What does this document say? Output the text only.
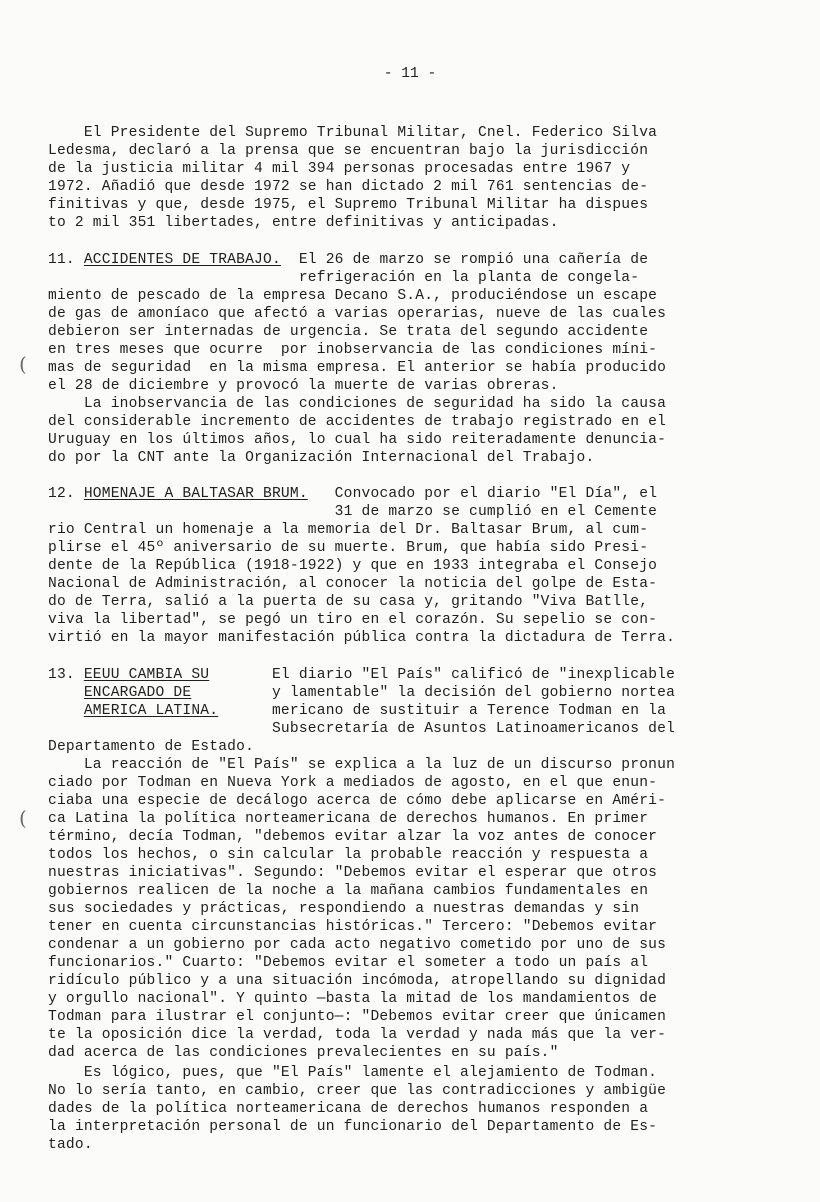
- 11 -
(
(
El Presidente del Supremo Tribunal Militar, Cnel. Federico Silva
Ledesma, declaró a la prensa que se encuentran bajo la jurisdicción
de la justicia militar 4 mil 394 personas procesadas entre 1967 y
1972. Añadió que desde 1972 se han dictado 2 mil 761 sentencias de-
finitivas y que, desde 1975, el Supremo Tribunal Militar ha dispues
to 2 mil 351 libertades, entre definitivas y anticipadas.
11. ACCIDENTES DE TRABAJO.  El 26 de marzo se rompió una cañería de
refrigeración en la planta de congela-
miento de pescado de la empresa Decano S.A., produciéndose un escape
de gas de amoníaco que afectó a varias operarias, nueve de las cuales
debieron ser internadas de urgencia. Se trata del segundo accidente
en tres meses que ocurre  por inobservancia de las condiciones míni-
mas de seguridad  en la misma empresa. El anterior se había producido
el 28 de diciembre y provocó la muerte de varias obreras.
La inobservancia de las condiciones de seguridad ha sido la causa
del considerable incremento de accidentes de trabajo registrado en el
Uruguay en los últimos años, lo cual ha sido reiteradamente denuncia-
do por la CNT ante la Organización Internacional del Trabajo.
12. HOMENAJE A BALTASAR BRUM.   Convocado por el diario "El Día", el
31 de marzo se cumplió en el Cemente
rio Central un homenaje a la memoria del Dr. Baltasar Brum, al cum-
plirse el 45º aniversario de su muerte. Brum, que había sido Presi-
dente de la República (1918-1922) y que en 1933 integraba el Consejo
Nacional de Administración, al conocer la noticia del golpe de Esta-
do de Terra, salió a la puerta de su casa y, gritando "Viva Batlle,
viva la libertad", se pegó un tiro en el corazón. Su sepelio se con-
virtió en la mayor manifestación pública contra la dictadura de Terra.
13. EEUU CAMBIA SU       El diario "El País" calificó de "inexplicable
ENCARGADO DE         y lamentable" la decisión del gobierno nortea
AMERICA LATINA.      mericano de sustituir a Terence Todman en la
Subsecretaría de Asuntos Latinoamericanos del
Departamento de Estado.
La reacción de "El País" se explica a la luz de un discurso pronun
ciado por Todman en Nueva York a mediados de agosto, en el que enun-
ciaba una especie de decálogo acerca de cómo debe aplicarse en Améri-
ca Latina la política norteamericana de derechos humanos. En primer
término, decía Todman, "debemos evitar alzar la voz antes de conocer
todos los hechos, o sin calcular la probable reacción y respuesta a
nuestras iniciativas". Segundo: "Debemos evitar el esperar que otros
gobiernos realicen de la noche a la mañana cambios fundamentales en
sus sociedades y prácticas, respondiendo a nuestras demandas y sin
tener en cuenta circunstancias históricas." Tercero: "Debemos evitar
condenar a un gobierno por cada acto negativo cometido por uno de sus
funcionarios." Cuarto: "Debemos evitar el someter a todo un país al
ridículo público y a una situación incómoda, atropellando su dignidad
y orgullo nacional". Y quinto —basta la mitad de los mandamientos de
Todman para ilustrar el conjunto—: "Debemos evitar creer que únicamen
te la oposición dice la verdad, toda la verdad y nada más que la ver-
dad acerca de las condiciones prevalecientes en su país."
Es lógico, pues, que "El País" lamente el alejamiento de Todman.
No lo sería tanto, en cambio, creer que las contradicciones y ambigüe
dades de la política norteamericana de derechos humanos responden a
la interpretación personal de un funcionario del Departamento de Es-
tado.
